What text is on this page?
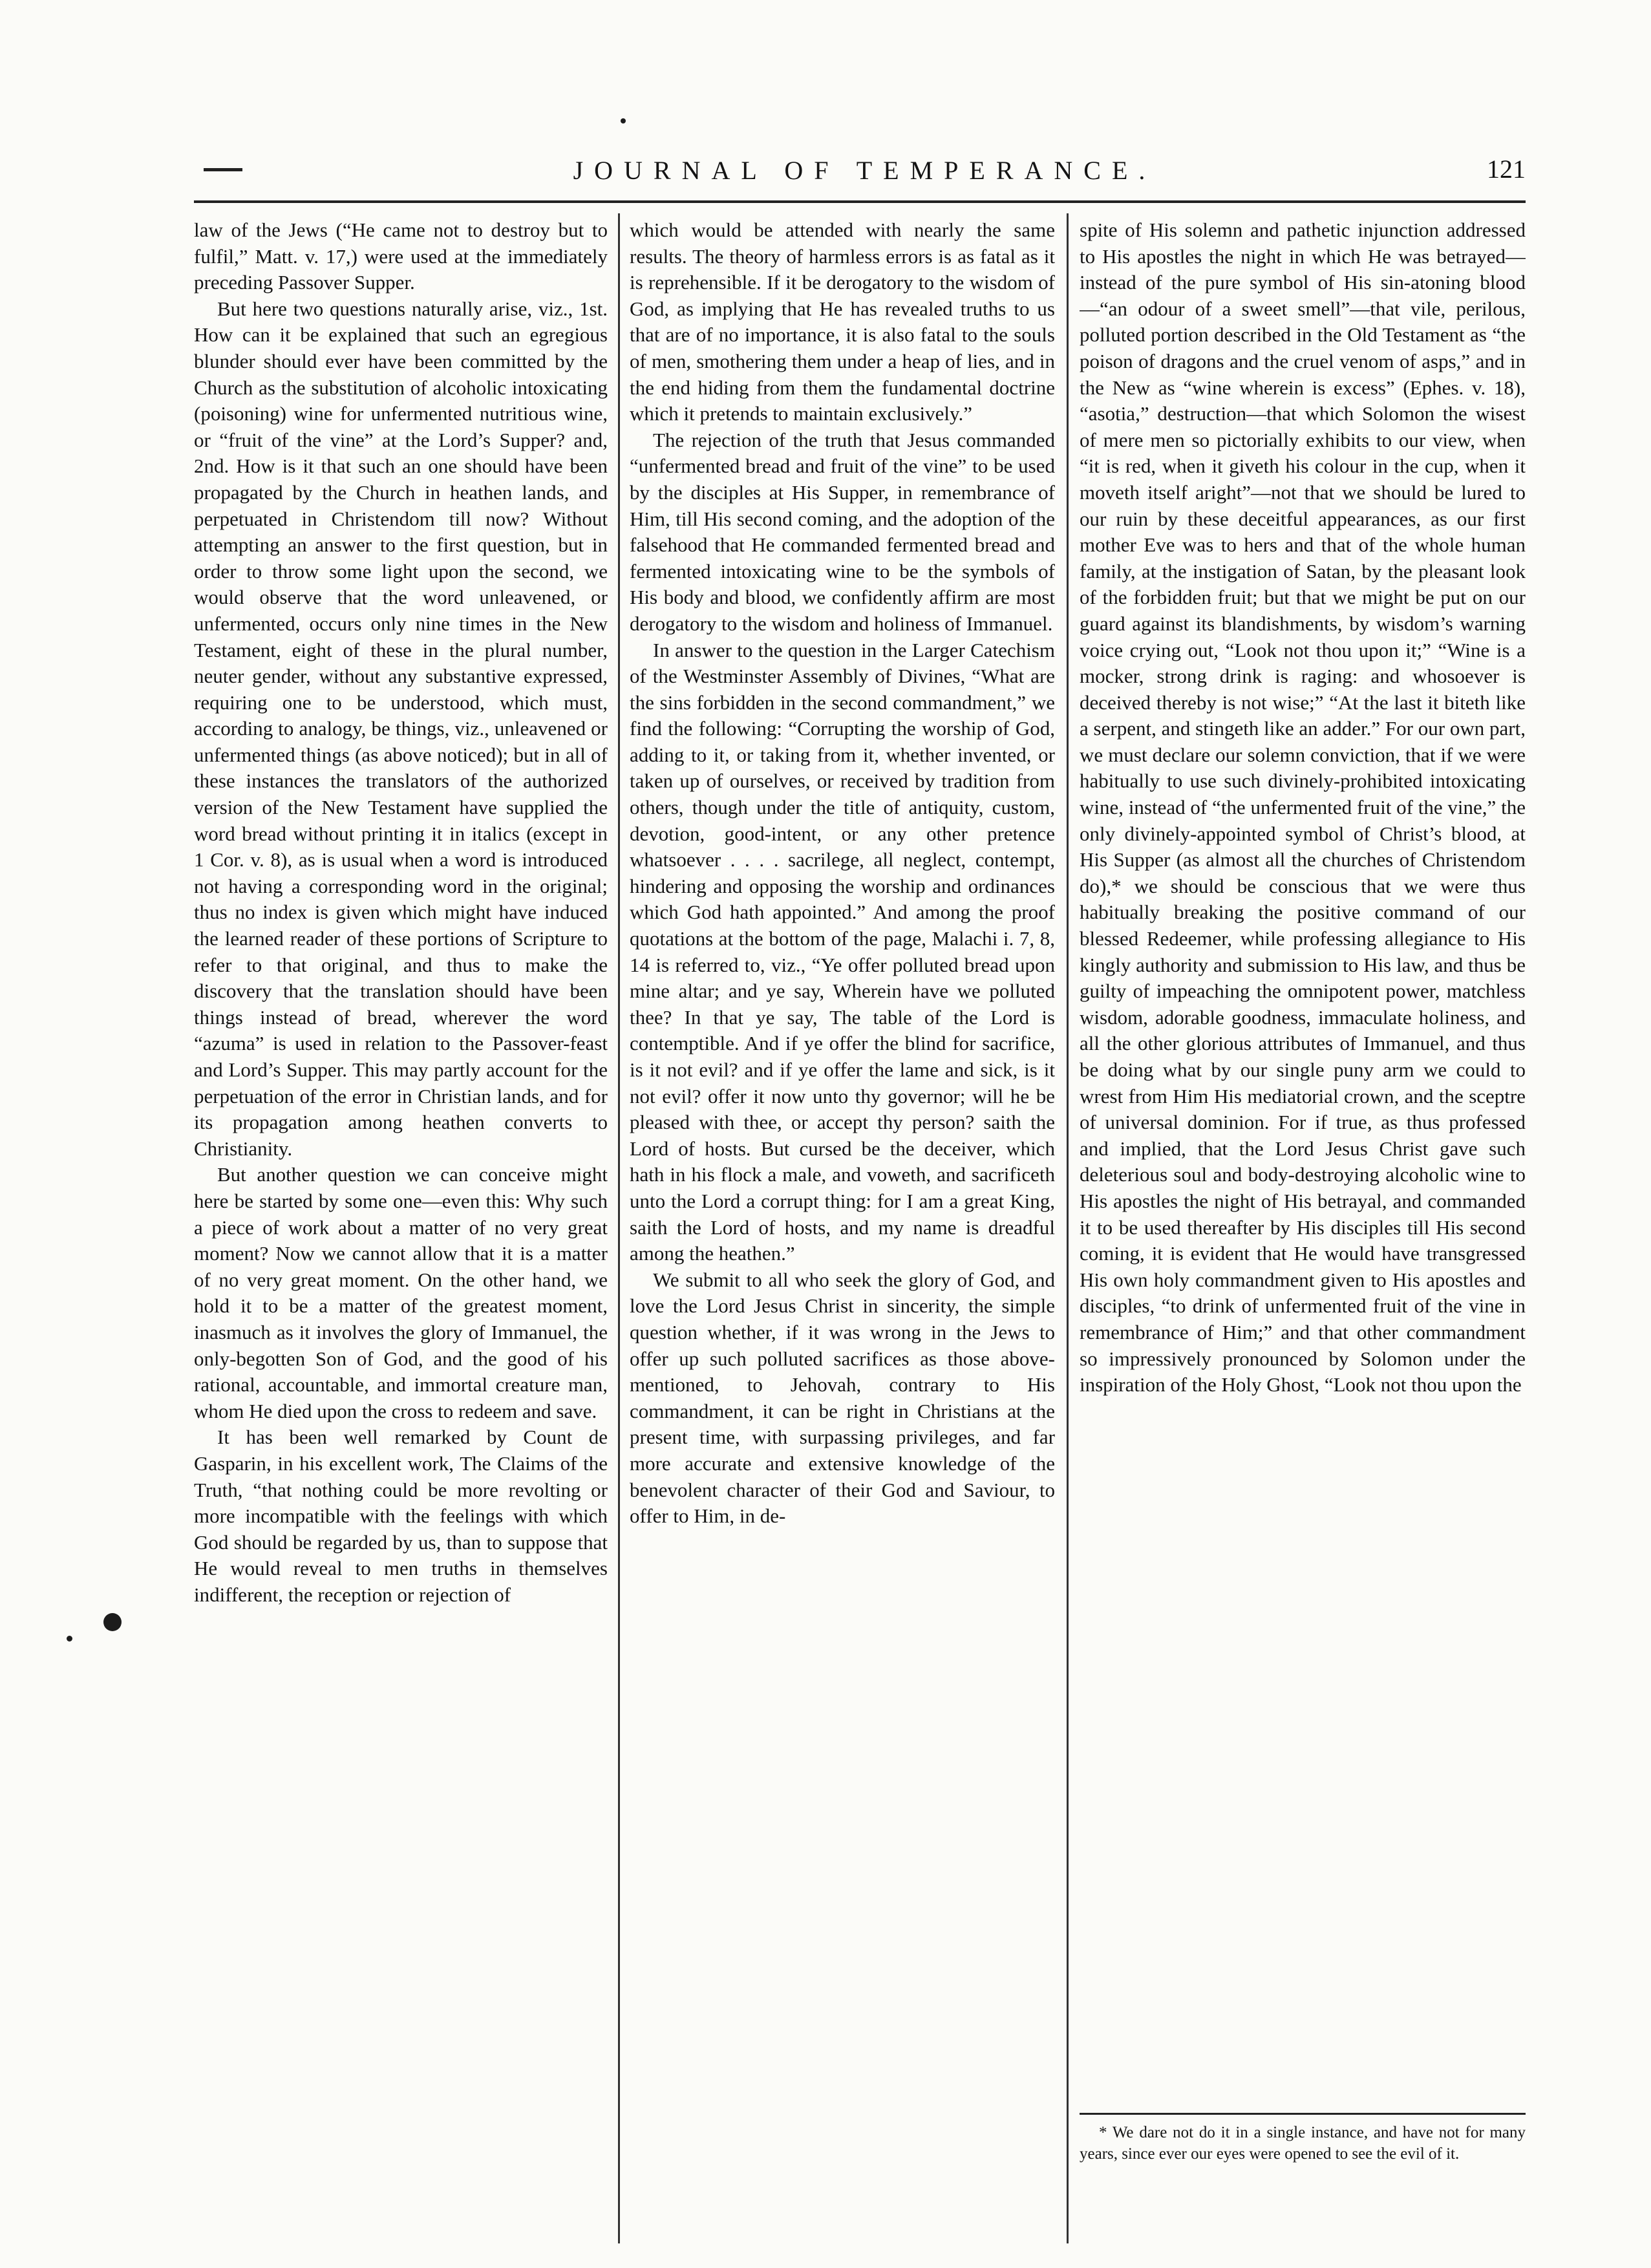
JOURNAL OF TEMPERANCE.	121

law of the Jews (“He came not to destroy but to fulfil,” Matt. v. 17,) were used at the immediately preceding Passover Supper.

But here two questions naturally arise, viz., 1st. How can it be explained that such an egregious blunder should ever have been committed by the Church as the substitution of alcoholic intoxicating (poisoning) wine for unfermented nutritious wine, or “fruit of the vine” at the Lord’s Supper? and, 2nd. How is it that such an one should have been propagated by the Church in heathen lands, and perpetuated in Christendom till now? Without attempting an answer to the first question, but in order to throw some light upon the second, we would observe that the word unleavened, or unfermented, occurs only nine times in the New Testament, eight of these in the plural number, neuter gender, without any substantive expressed, requiring one to be understood, which must, according to analogy, be things, viz., unleavened or unfermented things (as above noticed); but in all of these instances the translators of the authorized version of the New Testament have supplied the word bread without printing it in italics (except in 1 Cor. v. 8), as is usual when a word is introduced not having a corresponding word in the original; thus no index is given which might have induced the learned reader of these portions of Scripture to refer to that original, and thus to make the discovery that the translation should have been things instead of bread, wherever the word “azuma” is used in relation to the Passover-feast and Lord’s Supper. This may partly account for the perpetuation of the error in Christian lands, and for its propagation among heathen converts to Christianity.

But another question we can conceive might here be started by some one—even this: Why such a piece of work about a matter of no very great moment? Now we cannot allow that it is a matter of no very great moment. On the other hand, we hold it to be a matter of the greatest moment, inasmuch as it involves the glory of Immanuel, the only-begotten Son of God, and the good of his rational, accountable, and immortal creature man, whom He died upon the cross to redeem and save.

It has been well remarked by Count de Gasparin, in his excellent work, The Claims of the Truth, “that nothing could be more revolting or more incompatible with the feelings with which God should be regarded by us, than to suppose that He would reveal to men truths in themselves indifferent, the reception or rejection of

which would be attended with nearly the same results. The theory of harmless errors is as fatal as it is reprehensible. If it be derogatory to the wisdom of God, as implying that He has revealed truths to us that are of no importance, it is also fatal to the souls of men, smothering them under a heap of lies, and in the end hiding from them the fundamental doctrine which it pretends to maintain exclusively.”

The rejection of the truth that Jesus commanded “unfermented bread and fruit of the vine” to be used by the disciples at His Supper, in remembrance of Him, till His second coming, and the adoption of the falsehood that He commanded fermented bread and fermented intoxicating wine to be the symbols of His body and blood, we confidently affirm are most derogatory to the wisdom and holiness of Immanuel.

In answer to the question in the Larger Catechism of the Westminster Assembly of Divines, “What are the sins forbidden in the second commandment,” we find the following: “Corrupting the worship of God, adding to it, or taking from it, whether invented, or taken up of ourselves, or received by tradition from others, though under the title of antiquity, custom, devotion, good-intent, or any other pretence whatsoever . . . . sacrilege, all neglect, contempt, hindering and opposing the worship and ordinances which God hath appointed.” And among the proof quotations at the bottom of the page, Malachi i. 7, 8, 14 is referred to, viz., “Ye offer polluted bread upon mine altar; and ye say, Wherein have we polluted thee? In that ye say, The table of the Lord is contemptible. And if ye offer the blind for sacrifice, is it not evil? and if ye offer the lame and sick, is it not evil? offer it now unto thy governor; will he be pleased with thee, or accept thy person? saith the Lord of hosts. But cursed be the deceiver, which hath in his flock a male, and voweth, and sacrificeth unto the Lord a corrupt thing: for I am a great King, saith the Lord of hosts, and my name is dreadful among the heathen.”

We submit to all who seek the glory of God, and love the Lord Jesus Christ in sincerity, the simple question whether, if it was wrong in the Jews to offer up such polluted sacrifices as those above-mentioned, to Jehovah, contrary to His commandment, it can be right in Christians at the present time, with surpassing privileges, and far more accurate and extensive knowledge of the benevolent character of their God and Saviour, to offer to Him, in de-

spite of His solemn and pathetic injunction addressed to His apostles the night in which He was betrayed—instead of the pure symbol of His sin-atoning blood—“an odour of a sweet smell”—that vile, perilous, polluted portion described in the Old Testament as “the poison of dragons and the cruel venom of asps,” and in the New as “wine wherein is excess” (Ephes. v. 18), “asotia,” destruction—that which Solomon the wisest of mere men so pictorially exhibits to our view, when “it is red, when it giveth his colour in the cup, when it moveth itself aright”—not that we should be lured to our ruin by these deceitful appearances, as our first mother Eve was to hers and that of the whole human family, at the instigation of Satan, by the pleasant look of the forbidden fruit; but that we might be put on our guard against its blandishments, by wisdom’s warning voice crying out, “Look not thou upon it;” “Wine is a mocker, strong drink is raging: and whosoever is deceived thereby is not wise;” “At the last it biteth like a serpent, and stingeth like an adder.” For our own part, we must declare our solemn conviction, that if we were habitually to use such divinely-prohibited intoxicating wine, instead of “the unfermented fruit of the vine,” the only divinely-appointed symbol of Christ’s blood, at His Supper (as almost all the churches of Christendom do),* we should be conscious that we were thus habitually breaking the positive command of our blessed Redeemer, while professing allegiance to His kingly authority and submission to His law, and thus be guilty of impeaching the omnipotent power, matchless wisdom, adorable goodness, immaculate holiness, and all the other glorious attributes of Immanuel, and thus be doing what by our single puny arm we could to wrest from Him His mediatorial crown, and the sceptre of universal dominion. For if true, as thus professed and implied, that the Lord Jesus Christ gave such deleterious soul and body-destroying alcoholic wine to His apostles the night of His betrayal, and commanded it to be used thereafter by His disciples till His second coming, it is evident that He would have transgressed His own holy commandment given to His apostles and disciples, “to drink of unfermented fruit of the vine in remembrance of Him;” and that other commandment so impressively pronounced by Solomon under the inspiration of the Holy Ghost, “Look not thou upon the

* We dare not do it in a single instance, and have not for many years, since ever our eyes were opened to see the evil of it.
